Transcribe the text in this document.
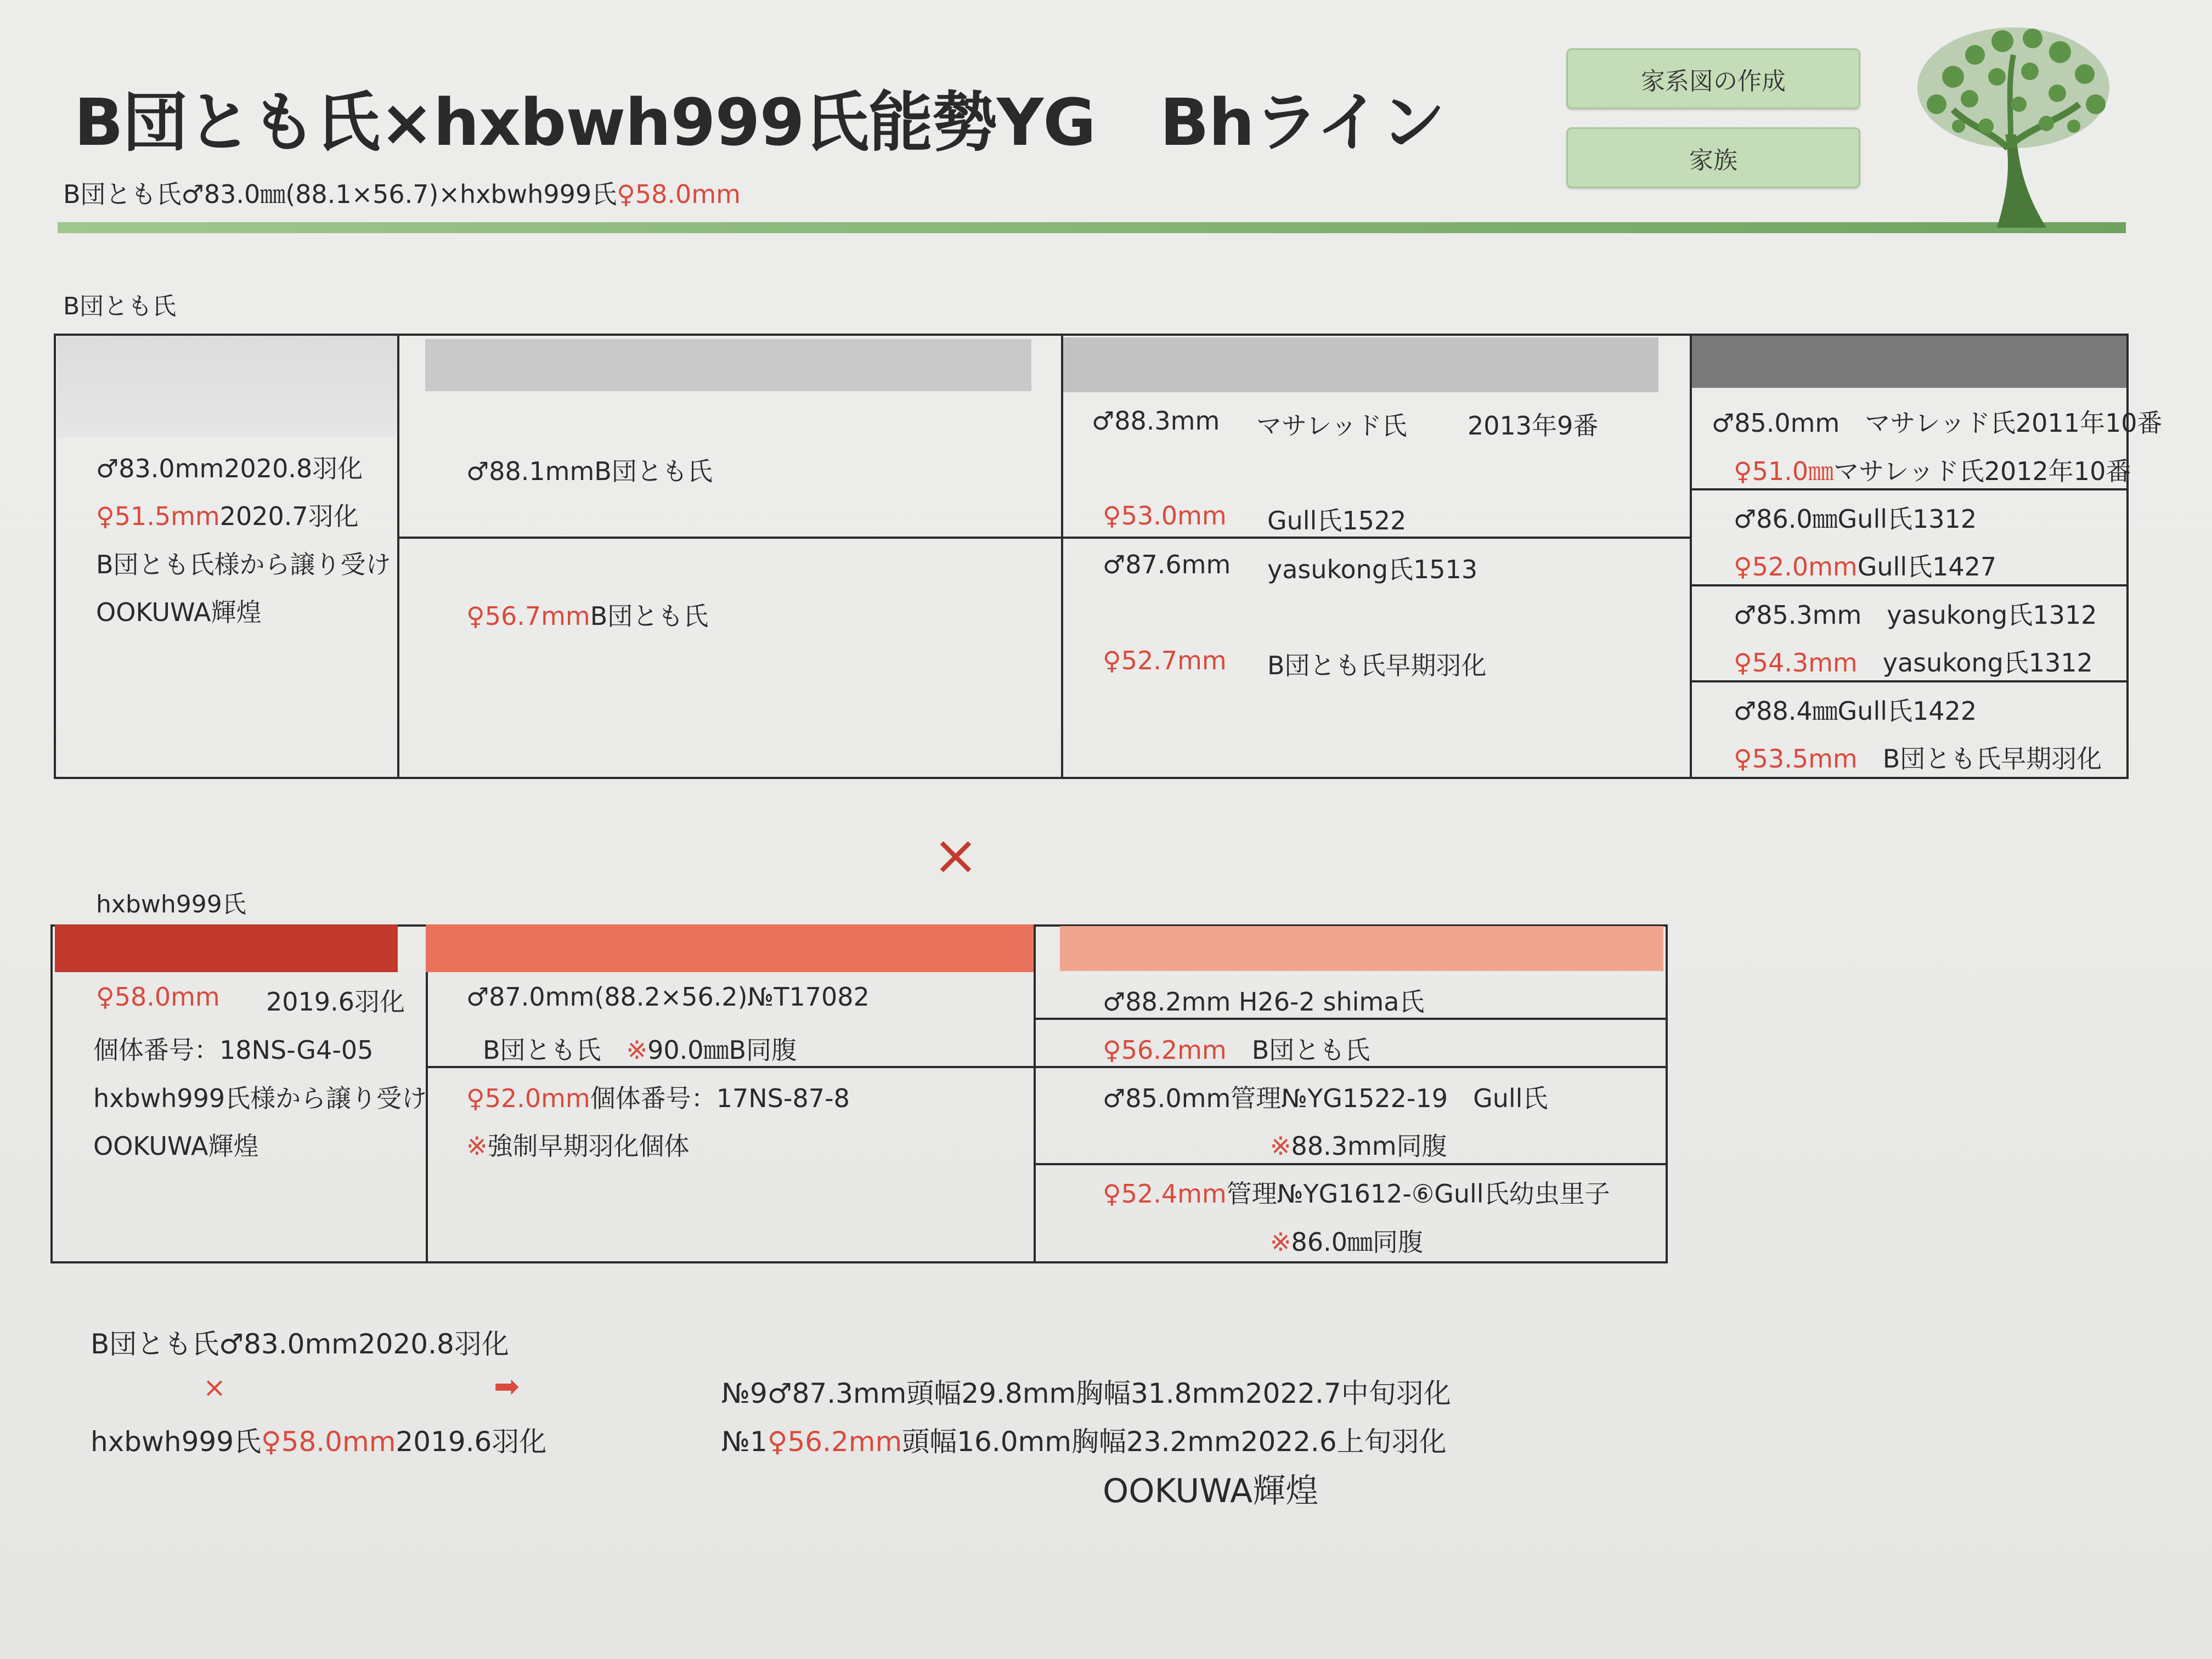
B団とも氏×hxbwh999氏能勢YG　Bhライン
B団とも氏♂83.0㎜(88.1×56.7)×hxbwh999氏♀58.0mm
家系図の作成
家族
B団とも氏
♂83.0mm2020.8羽化
♀51.5mm2020.7羽化
B団とも氏様から譲り受け
OOKUWA輝煌
♂88.1mmB団とも氏
♀56.7mmB団とも氏
♂88.3mm マサレッド氏 2013年9番
♀53.0mm Gull氏1522
♂87.6mm yasukong氏1513
♀52.7mm B団とも氏早期羽化
♂85.0mm　マサレッド氏2011年10番
♀51.0㎜マサレッド氏2012年10番
♂86.0㎜Gull氏1312
♀52.0mmGull氏1427
♂85.3mm　yasukong氏1312
♀54.3mm　yasukong氏1312
♂88.4㎜Gull氏1422
♀53.5mm　B団とも氏早期羽化
×
hxbwh999氏
♀58.0mm 2019.6羽化
個体番号：18NS-G4-05
hxbwh999氏様から譲り受け
OOKUWA輝煌
♂87.0mm(88.2×56.2)№T17082
B団とも氏　 ※90.0㎜B同腹
♀52.0mm個体番号：17NS-87-8
※強制早期羽化個体
♂88.2mm H26-2 shima氏
♀56.2mm　B団とも氏
♂85.0mm管理№YG1522-19　Gull氏
※88.3mm同腹
♀52.4mm管理№YG1612-⑥Gull氏幼虫里子
※86.0㎜同腹
B団とも氏♂83.0mm2020.8羽化
×
hxbwh999氏♀58.0mm2019.6羽化
➡	№9♂87.3mm頭幅29.8mm胸幅31.8mm2022.7中旬羽化
№1♀56.2mm頭幅16.0mm胸幅23.2mm2022.6上旬羽化
OOKUWA輝煌
